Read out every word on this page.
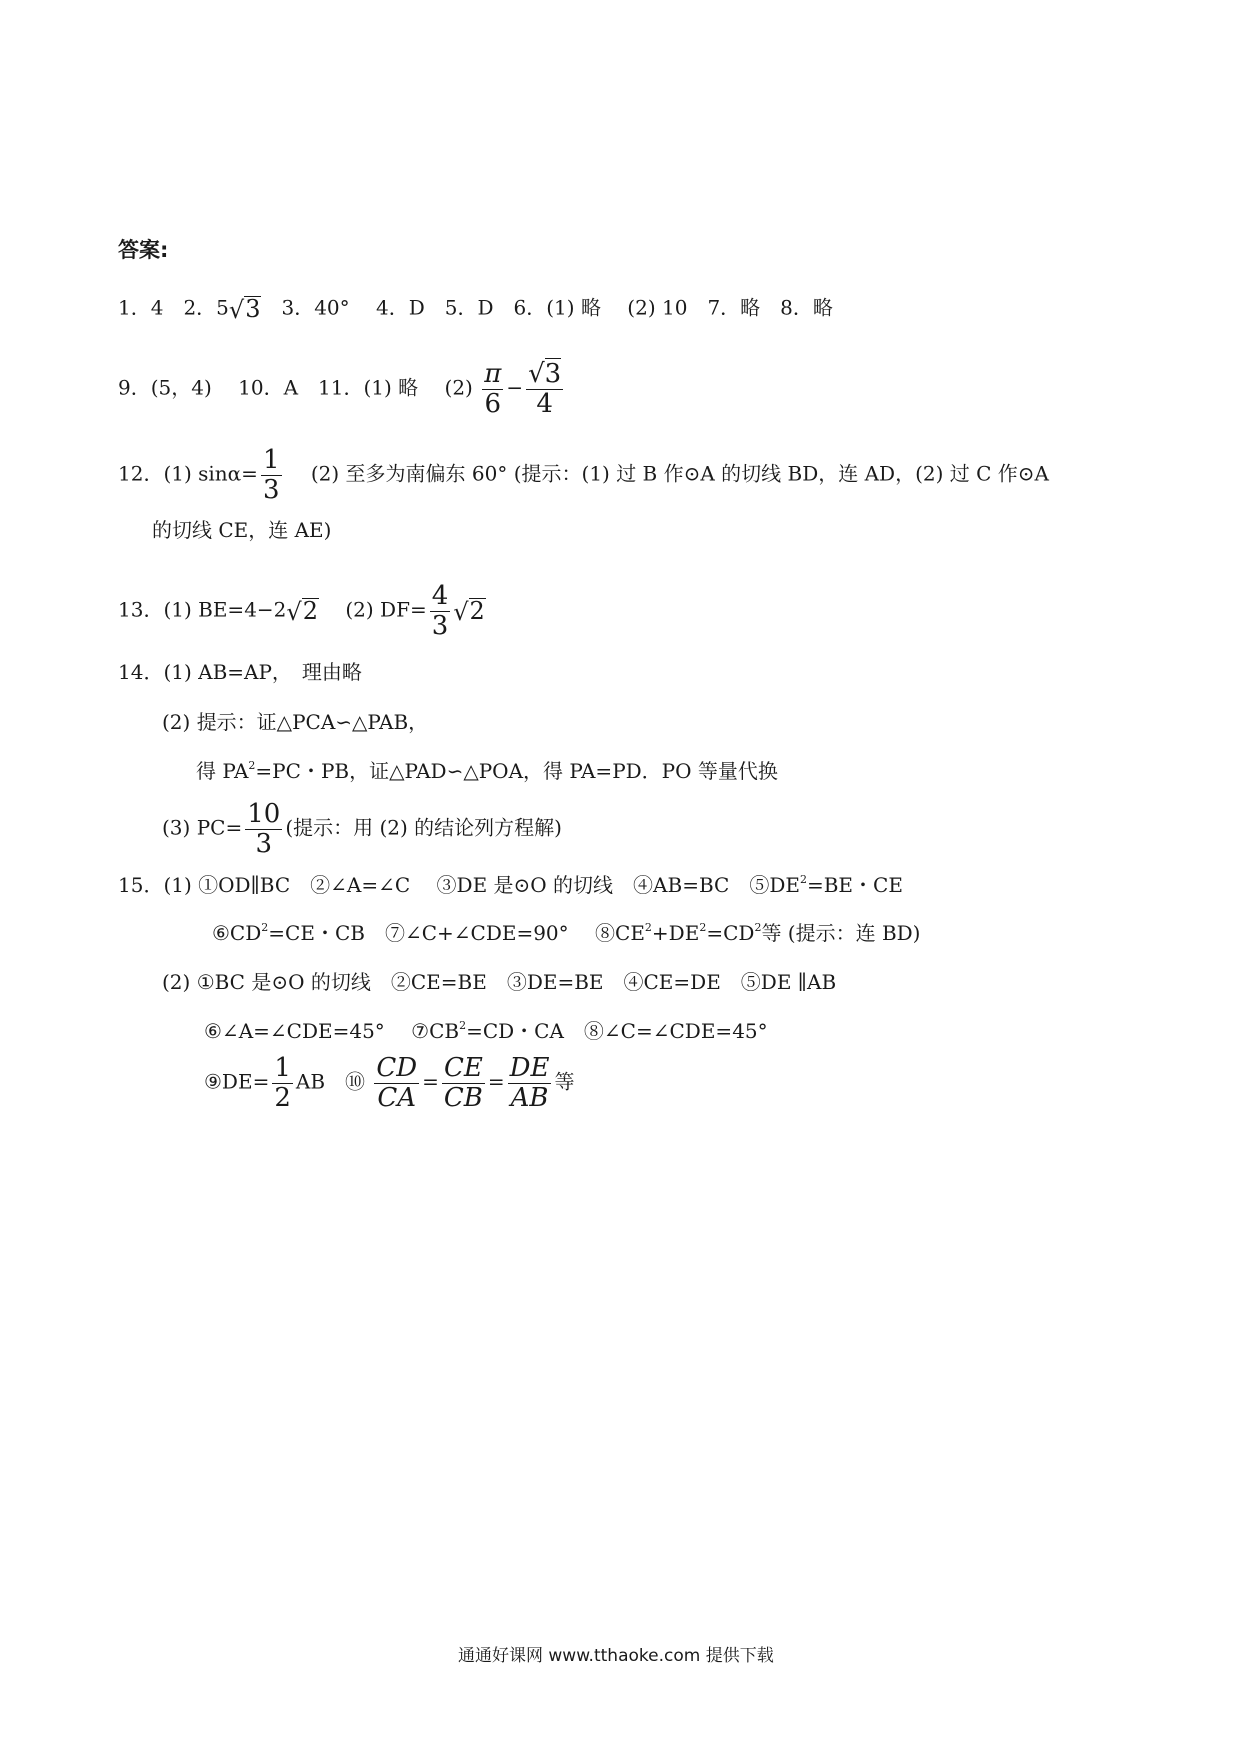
答案:
1．4　2．5 √ 3 　3．40°　 4．D　5．D　6．(1) 略　 (2) 10　7．略　8．略
9．(5，4)　 10．A　11．(1) 略　 $(2) \frac{\pi}{6} - \frac{√3}{4}$
12．(1) $\sin\alpha= \frac{1}{3}$ 　 (2) 至多为南偏东 60° (提示：(1) 过 B 作⊙A 的切线 BD，连 AD，(2) 过 C 作⊙A
的切线 CE，连 AE)
13．(1) BE=4−2 √ 2 　 (2) $DF= \frac{4}{3}$ √ 2
14．(1) AB=AP，　理由略
(2) 提示：证△PCA∽△PAB，
得 $PA^2=PC$・PB，证△PAD∽△POA，得 PA=PD．PO 等量代换
(3) $PC= \frac{10}{3}$ (提示：用 (2) 的结论列方程解)
15．(1) ①OD∥BC　②∠A=∠C　 ③DE 是⊙O 的切线　④AB=BC　$⑤DE^2=BE$・CE
$⑥CD^2=CE$・CB　⑦∠C+∠CDE=90°　 $⑧CE^2+DE^2=CD^2$等 (提示：连 BD)
(2) ①BC 是⊙O 的切线　②CE=BE　③DE=BE　④CE=DE　⑤DE ∥AB
⑥∠A=∠CDE=45°　 $⑦CB^2=CD$・CA　⑧∠C=∠CDE=45°
⑨DE= $\frac{1}{2}$ AB　⑩ $\frac{CD}{CA} = \frac{CE}{CB} = \frac{DE}{AB}$ 等
通通好课网 www.tthaoke.com 提供下载
